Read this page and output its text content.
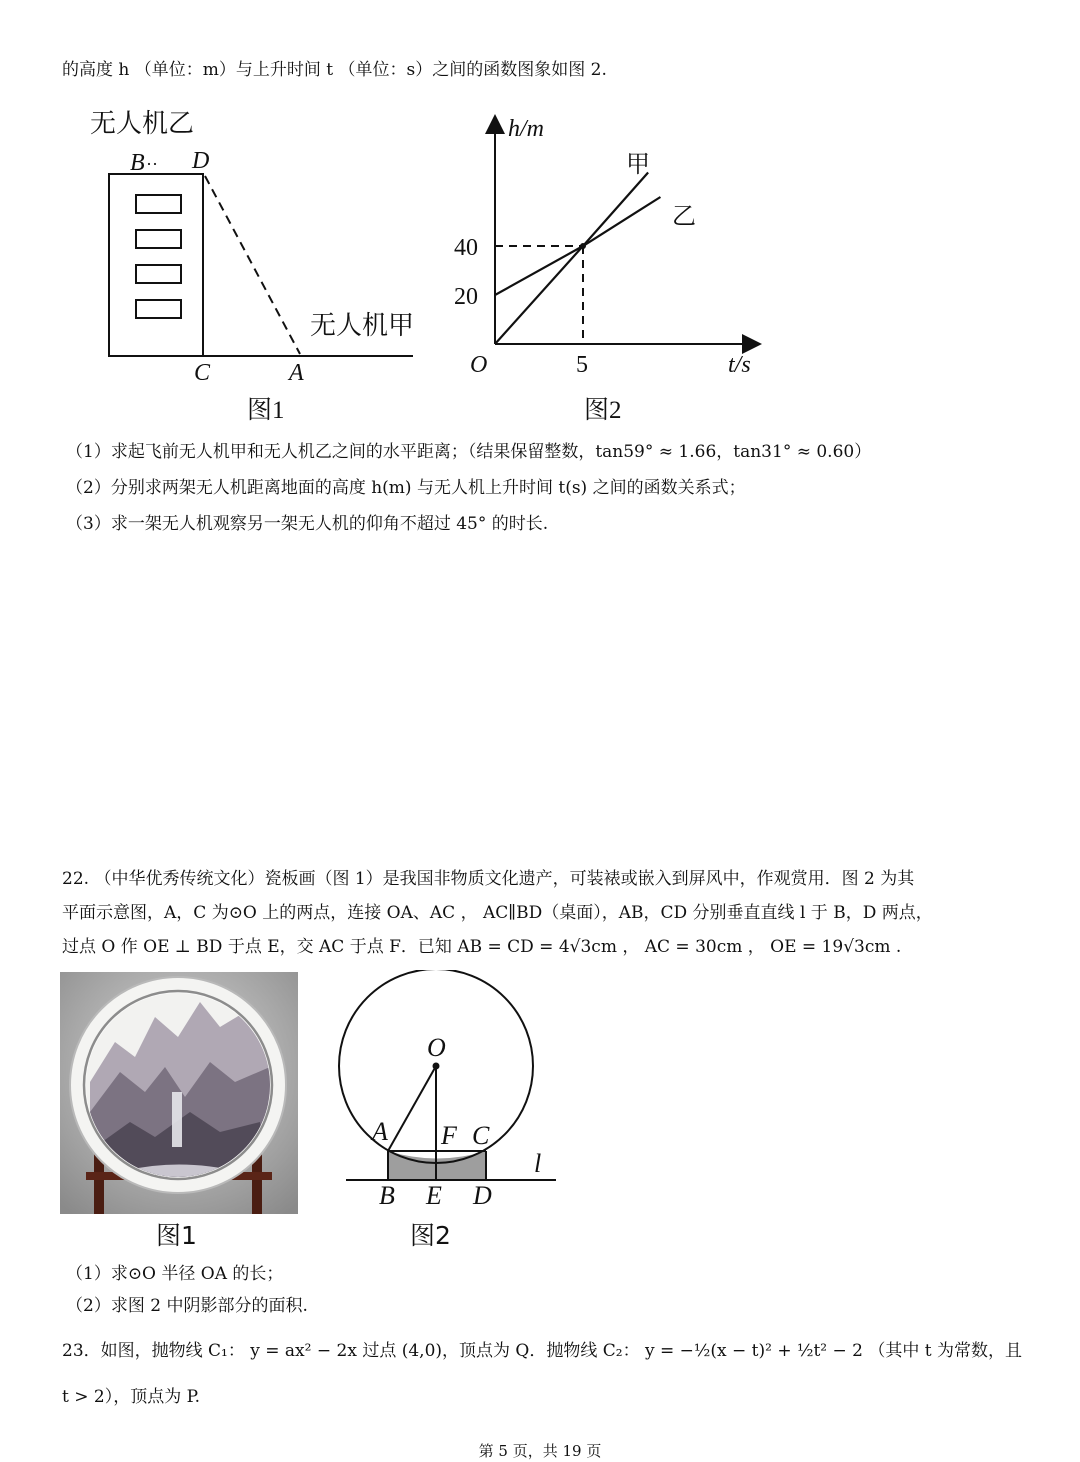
的高度 h （单位：m）与上升时间 t （单位：s）之间的函数图象如图 2.
无人机乙
B ·· D
无人机甲
C	A
图1
20
40
5
O
h/m
t/s
甲
乙
图2
（1）求起飞前无人机甲和无人机乙之间的水平距离；（结果保留整数，tan59° ≈ 1.66，tan31° ≈ 0.60）
（2）分别求两架无人机距离地面的高度 h(m) 与无人机上升时间 t(s) 之间的函数关系式；
（3）求一架无人机观察另一架无人机的仰角不超过 45° 的时长.
22. （中华优秀传统文化）瓷板画（图 1）是我国非物质文化遗产，可装裱或嵌入到屏风中，作观赏用．图 2 为其
平面示意图，A，C 为⊙O 上的两点，连接 OA、AC ， AC∥BD（桌面），AB，CD 分别垂直直线 l 于 B，D 两点，
过点 O 作 OE ⊥ BD 于点 E，交 AC 于点 F．已知 AB = CD = 4√3cm ， AC = 30cm ， OE = 19√3cm .
图1
O
A F C
l
B E D
图2
（1）求⊙O 半径 OA 的长；
（2）求图 2 中阴影部分的面积.
23．如图，抛物线 C₁： y = ax² − 2x 过点 (4,0)，顶点为 Q．抛物线 C₂： y = −½(x − t)² + ½t² − 2 （其中 t 为常数，且
t > 2），顶点为 P.
第 5 页，共 19 页
